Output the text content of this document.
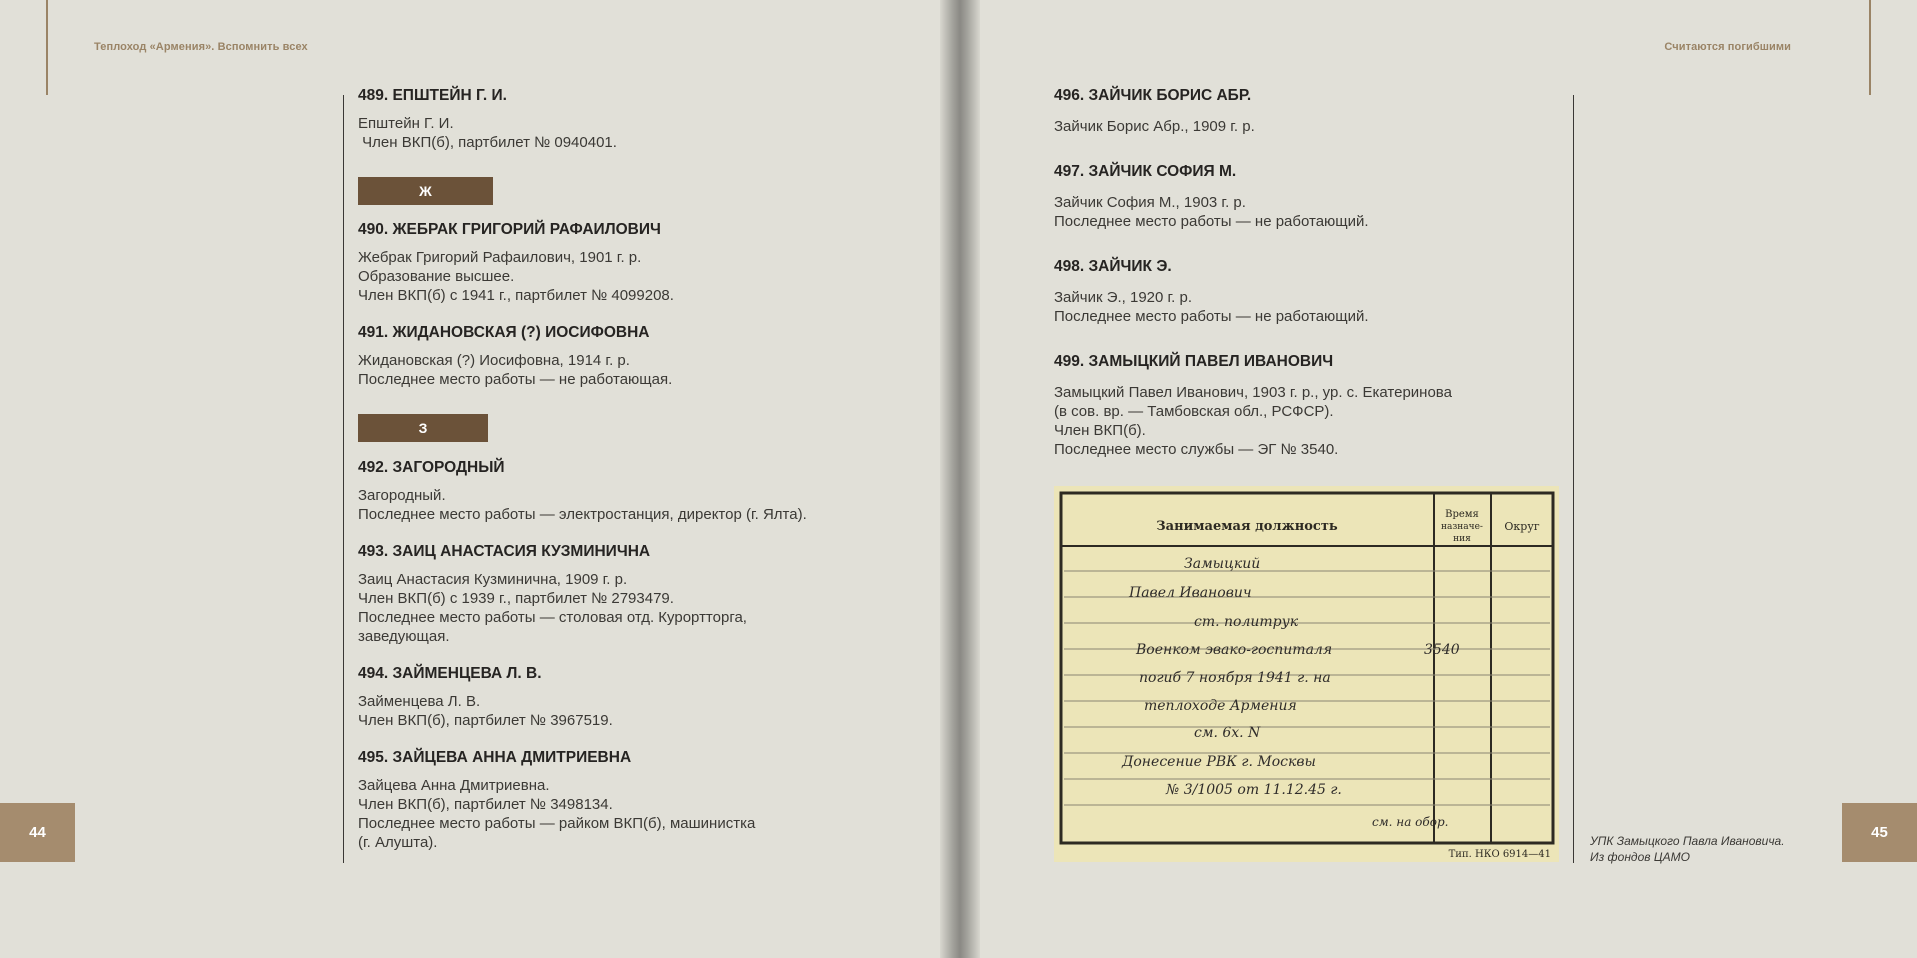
Теплоход «Армения». Вспомнить всех
44
489. ЕПШТЕЙН Г. И.
Епштейн Г. И.
Член ВКП(б), партбилет № 0940401.
Ж
490. ЖЕБРАК ГРИГОРИЙ РАФАИЛОВИЧ
Жебрак Григорий Рафаилович, 1901 г. р.
Образование высшее.
Член ВКП(б) с 1941 г., партбилет № 4099208.
491. ЖИДАНОВСКАЯ (?) ИОСИФОВНА
Жидановская (?) Иосифовна, 1914 г. р.
Последнее место работы — не работающая.
З
492. ЗАГОРОДНЫЙ
Загородный.
Последнее место работы — электростанция, директор (г. Ялта).
493. ЗАИЦ АНАСТАСИЯ КУЗМИНИЧНА
Заиц Анастасия Кузминична, 1909 г. р.
Член ВКП(б) с 1939 г., партбилет № 2793479.
Последнее место работы — столовая отд. Курортторга,
заведующая.
494. ЗАЙМЕНЦЕВА Л. В.
Займенцева Л. В.
Член ВКП(б), партбилет № 3967519.
495. ЗАЙЦЕВА АННА ДМИТРИЕВНА
Зайцева Анна Дмитриевна.
Член ВКП(б), партбилет № 3498134.
Последнее место работы — райком ВКП(б), машинистка
(г. Алушта).
Считаются погибшими
45
496. ЗАЙЧИК БОРИС АБР.
Зайчик Борис Абр., 1909 г. р.
497. ЗАЙЧИК СОФИЯ М.
Зайчик София М., 1903 г. р.
Последнее место работы — не работающий.
498. ЗАЙЧИК Э.
Зайчик Э., 1920 г. р.
Последнее место работы — не работающий.
499. ЗАМЫЦКИЙ ПАВЕЛ ИВАНОВИЧ
Замыцкий Павел Иванович, 1903 г. р., ур. с. Екатеринова
(в сов. вр. — Тамбовская обл., РСФСР).
Член ВКП(б).
Последнее место службы — ЭГ № 3540.
Занимаемая должность
Время
назначе-
ния
Округ
Замыцкий
Павел Иванович
ст. политрук
Военком эвако-госпиталя	3540
погиб 7 ноября 1941 г. на
теплоходе Армения
см. 6х. N
Донесение РВК г. Москвы
№ 3/1005 от 11.12.45 г.
см. на обор.
Тип. НКО 6914—41
УПК Замыцкого Павла Ивановича.
Из фондов ЦАМО
